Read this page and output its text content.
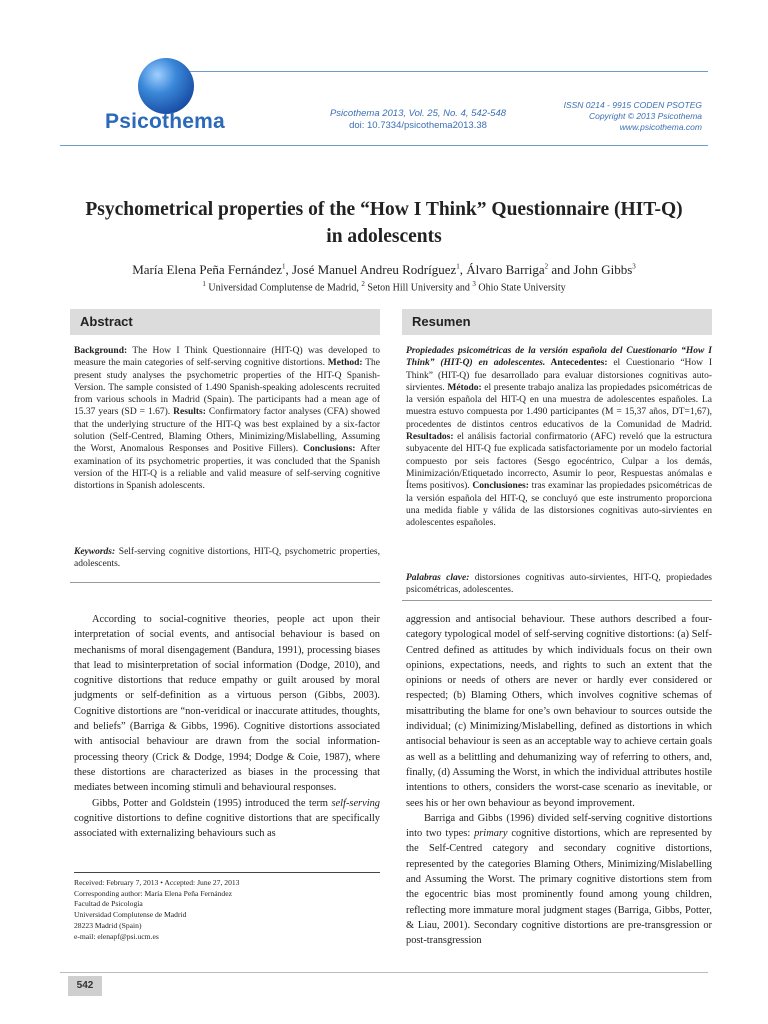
Psicothema	Psicothema 2013, Vol. 25, No. 4, 542-548
doi: 10.7334/psicothema2013.38
ISSN 0214 - 9915 CODEN PSOTEG
Copyright © 2013 Psicothema
www.psicothema.com
Psychometrical properties of the “How I Think” Questionnaire (HIT-Q)
in adolescents
María Elena Peña Fernández$^1$, José Manuel Andreu Rodríguez$^1$, Álvaro Barriga$^2$ and John Gibbs$^3$
$^1$ Universidad Complutense de Madrid, $^2$ Seton Hill University and $^3$ Ohio State University
Abstract
Background: The How I Think Questionnaire (HIT-Q) was developed to measure the main categories of self-serving cognitive distortions. Method: The present study analyses the psychometric properties of the HIT-Q Spanish-Version. The sample consisted of 1.490 Spanish-speaking adolescents recruited from various schools in Madrid (Spain). The participants had a mean age of 15.37 years (SD = 1.67). Results: Confirmatory factor analyses (CFA) showed that the underlying structure of the HIT-Q was best explained by a six-factor solution (Self-Centred, Blaming Others, Minimizing/Mislabelling, Assuming the Worst, Anomalous Responses and Positive Fillers). Conclusions: After examination of its psychometric properties, it was concluded that the Spanish version of the HIT-Q is a reliable and valid measure of self-serving cognitive distortions in Spanish adolescents.
Keywords: Self-serving cognitive distortions, HIT-Q, psychometric properties, adolescents.
Resumen
Propiedades psicométricas de la versión española del Cuestionario “How I Think” (HIT-Q) en adolescentes. Antecedentes: el Cuestionario “How I Think” (HIT-Q) fue desarrollado para evaluar distorsiones cognitivas auto-sirvientes. Método: el presente trabajo analiza las propiedades psicométricas de la versión española del HIT-Q en una muestra de adolescentes españoles. La muestra estuvo compuesta por 1.490 participantes (M = 15,37 años, DT=1,67), procedentes de distintos centros educativos de la Comunidad de Madrid. Resultados: el análisis factorial confirmatorio (AFC) reveló que la estructura subyacente del HIT-Q fue explicada satisfactoriamente por un modelo factorial compuesto por seis factores (Sesgo egocéntrico, Culpar a los demás, Minimización/Etiquetado incorrecto, Asumir lo peor, Respuestas anómalas e Ítems positivos). Conclusiones: tras examinar las propiedades psicométricas de la versión española del HIT-Q, se concluyó que este instrumento proporciona una medida fiable y válida de las distorsiones cognitivas auto-sirvientes en adolescentes españoles.
Palabras clave: distorsiones cognitivas auto-sirvientes, HIT-Q, propiedades psicométricas, adolescentes.

According to social-cognitive theories, people act upon their interpretation of social events, and antisocial behaviour is based on mechanisms of moral disengagement (Bandura, 1991), processing biases that lead to misinterpretation of social information (Dodge, 2010), and cognitive distortions that reduce empathy or guilt aroused by moral judgments or self-definition as a virtuous person (Gibbs, 2003). Cognitive distortions are “non-veridical or inaccurate attitudes, thoughts, and beliefs” (Barriga & Gibbs, 1996). Cognitive distortions associated with antisocial behaviour are drawn from the social information-processing theory (Crick & Dodge, 1994; Dodge & Coie, 1987), where these distortions are characterized as biases in the processing that mediates between incoming stimuli and behavioural responses.

Gibbs, Potter and Goldstein (1995) introduced the term self-serving cognitive distortions to define cognitive distortions that are specifically associated with externalizing behaviours such as

aggression and antisocial behaviour. These authors described a four-category typological model of self-serving cognitive distortions: (a) Self-Centred defined as attitudes by which individuals focus on their own opinions, expectations, needs, and rights to such an extent that the opinions or needs of others are never or hardly ever considered or respected; (b) Blaming Others, which involves cognitive schemas of misattributing the blame for one’s own behaviour to sources outside the individual; (c) Minimizing/Mislabelling, defined as distortions in which antisocial behaviour is seen as an acceptable way to achieve certain goals as well as a belittling and dehumanizing way of referring to others, and, finally, (d) Assuming the Worst, in which the individual attributes hostile intentions to others, considers the worst-case scenario as inevitable, or sees his or her own behaviour as beyond improvement.

Barriga and Gibbs (1996) divided self-serving cognitive distortions into two types: primary cognitive distortions, which are represented by the Self-Centred category and secondary cognitive distortions, represented by the categories Blaming Others, Minimizing/Mislabelling and Assuming the Worst. The primary cognitive distortions stem from the egocentric bias most prominently found among young children, reflecting more immature moral judgment stages (Barriga, Gibbs, Potter, & Liau, 2001). Secondary cognitive distortions are pre-transgression or post-transgression

Received: February 7, 2013 • Accepted: June 27, 2013
Corresponding author: María Elena Peña Fernández
Facultad de Psicología
Universidad Complutense de Madrid
28223 Madrid (Spain)
e-mail: elenapf@psi.ucm.es
542
